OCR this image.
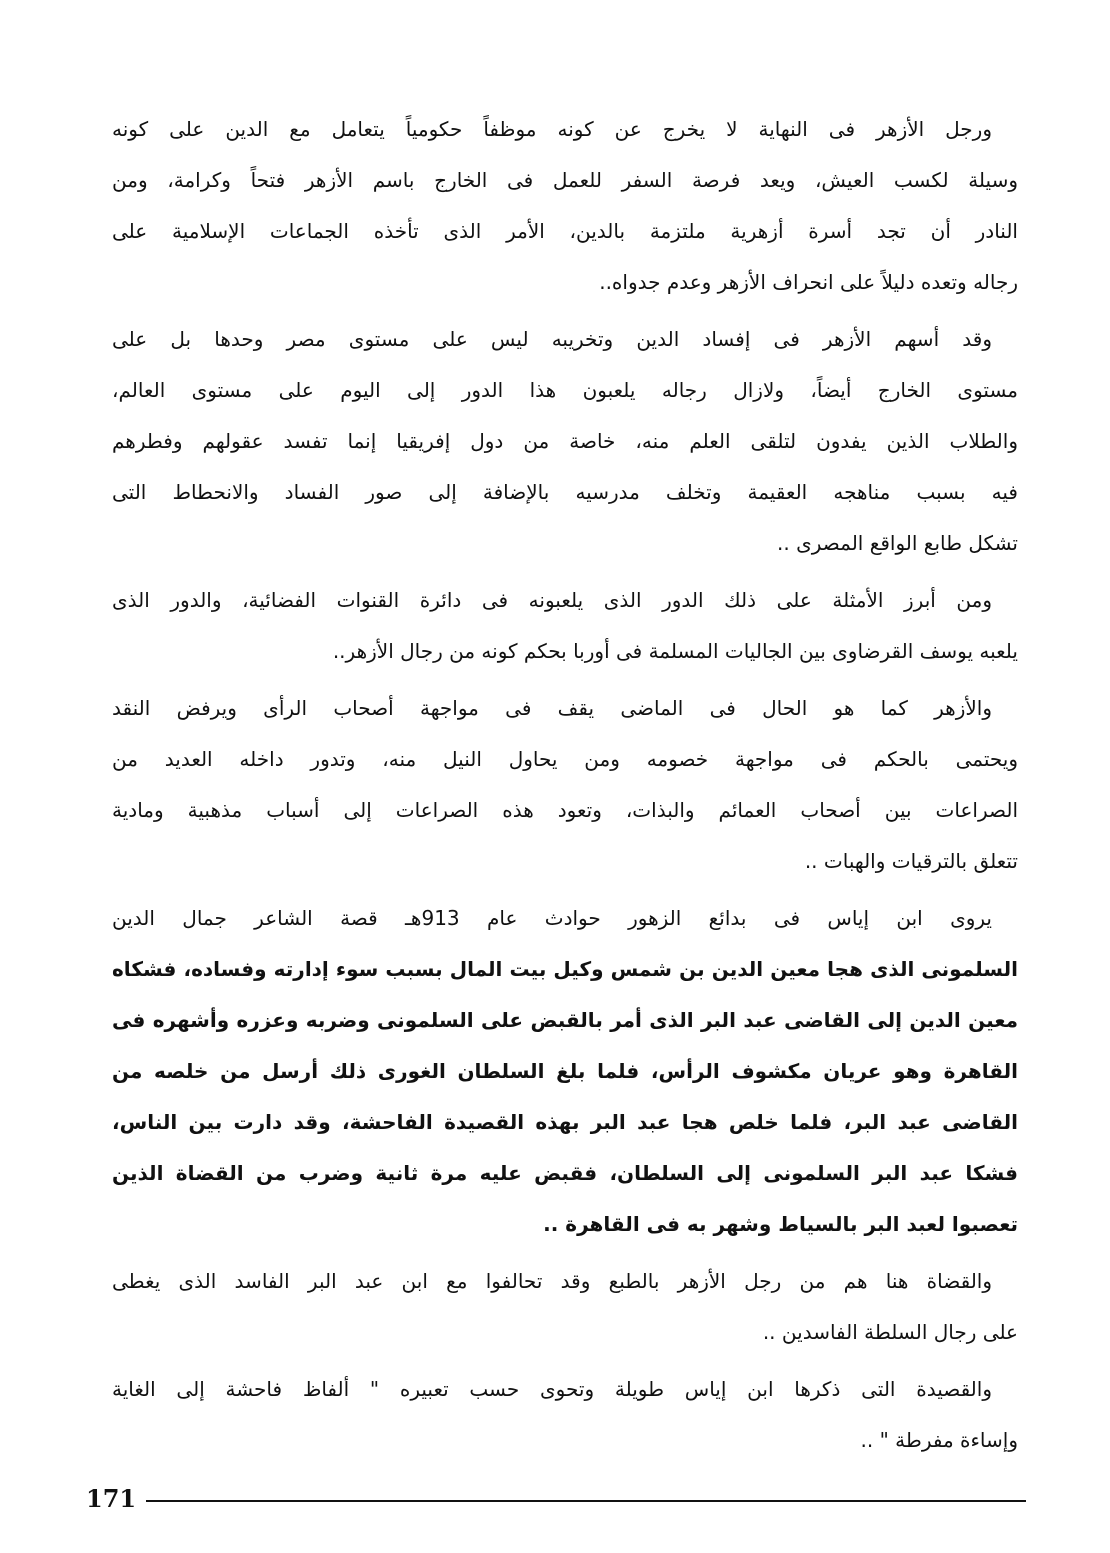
ورجل الأزهر فى النهاية لا يخرج عن كونه موظفاً حكومياً يتعامل مع الدين على كونه
وسيلة لكسب العيش، ويعد فرصة السفر للعمل فى الخارج باسم الأزهر فتحاً وكرامة، ومن
النادر أن تجد أسرة أزهرية ملتزمة بالدين، الأمر الذى تأخذه الجماعات الإسلامية على
رجاله وتعده دليلاً على انحراف الأزهر وعدم جدواه..
وقد أسهم الأزهر فى إفساد الدين وتخريبه ليس على مستوى مصر وحدها بل على
مستوى الخارج أيضاً، ولازال رجاله يلعبون هذا الدور إلى اليوم على مستوى العالم،
والطلاب الذين يفدون لتلقى العلم منه، خاصة من دول إفريقيا إنما تفسد عقولهم وفطرهم
فيه بسبب مناهجه العقيمة وتخلف مدرسيه بالإضافة إلى صور الفساد والانحطاط التى
تشكل طابع الواقع المصرى ..
ومن أبرز الأمثلة على ذلك الدور الذى يلعبونه فى دائرة القنوات الفضائية، والدور الذى
يلعبه يوسف القرضاوى بين الجاليات المسلمة فى أوربا بحكم كونه من رجال الأزهر..
والأزهر كما هو الحال فى الماضى يقف فى مواجهة أصحاب الرأى ويرفض النقد
ويحتمى بالحكم فى مواجهة خصومه ومن يحاول النيل منه، وتدور داخله العديد من
الصراعات بين أصحاب العمائم والبذات، وتعود هذه الصراعات إلى أسباب مذهبية ومادية
تتعلق بالترقيات والهبات ..
يروى ابن إياس فى بدائع الزهور حوادث عام 913هـ قصة الشاعر جمال الدين
السلمونى الذى هجا معين الدين بن شمس وكيل بيت المال بسبب سوء إدارته وفساده، فشكاه
معين الدين إلى القاضى عبد البر الذى أمر بالقبض على السلمونى وضربه وعزره وأشهره فى
القاهرة وهو عريان مكشوف الرأس، فلما بلغ السلطان الغورى ذلك أرسل من خلصه من
القاضى عبد البر، فلما خلص هجا عبد البر بهذه القصيدة الفاحشة، وقد دارت بين الناس،
فشكا عبد البر السلمونى إلى السلطان، فقبض عليه مرة ثانية وضرب من القضاة الذين
تعصبوا لعبد البر بالسياط وشهر به فى القاهرة ..
والقضاة هنا هم من رجل الأزهر بالطبع وقد تحالفوا مع ابن عبد البر الفاسد الذى يغطى
على رجال السلطة الفاسدين ..
والقصيدة التى ذكرها ابن إياس طويلة وتحوى حسب تعبيره " ألفاظ فاحشة إلى الغاية
وإساءة مفرطة " ..
171
